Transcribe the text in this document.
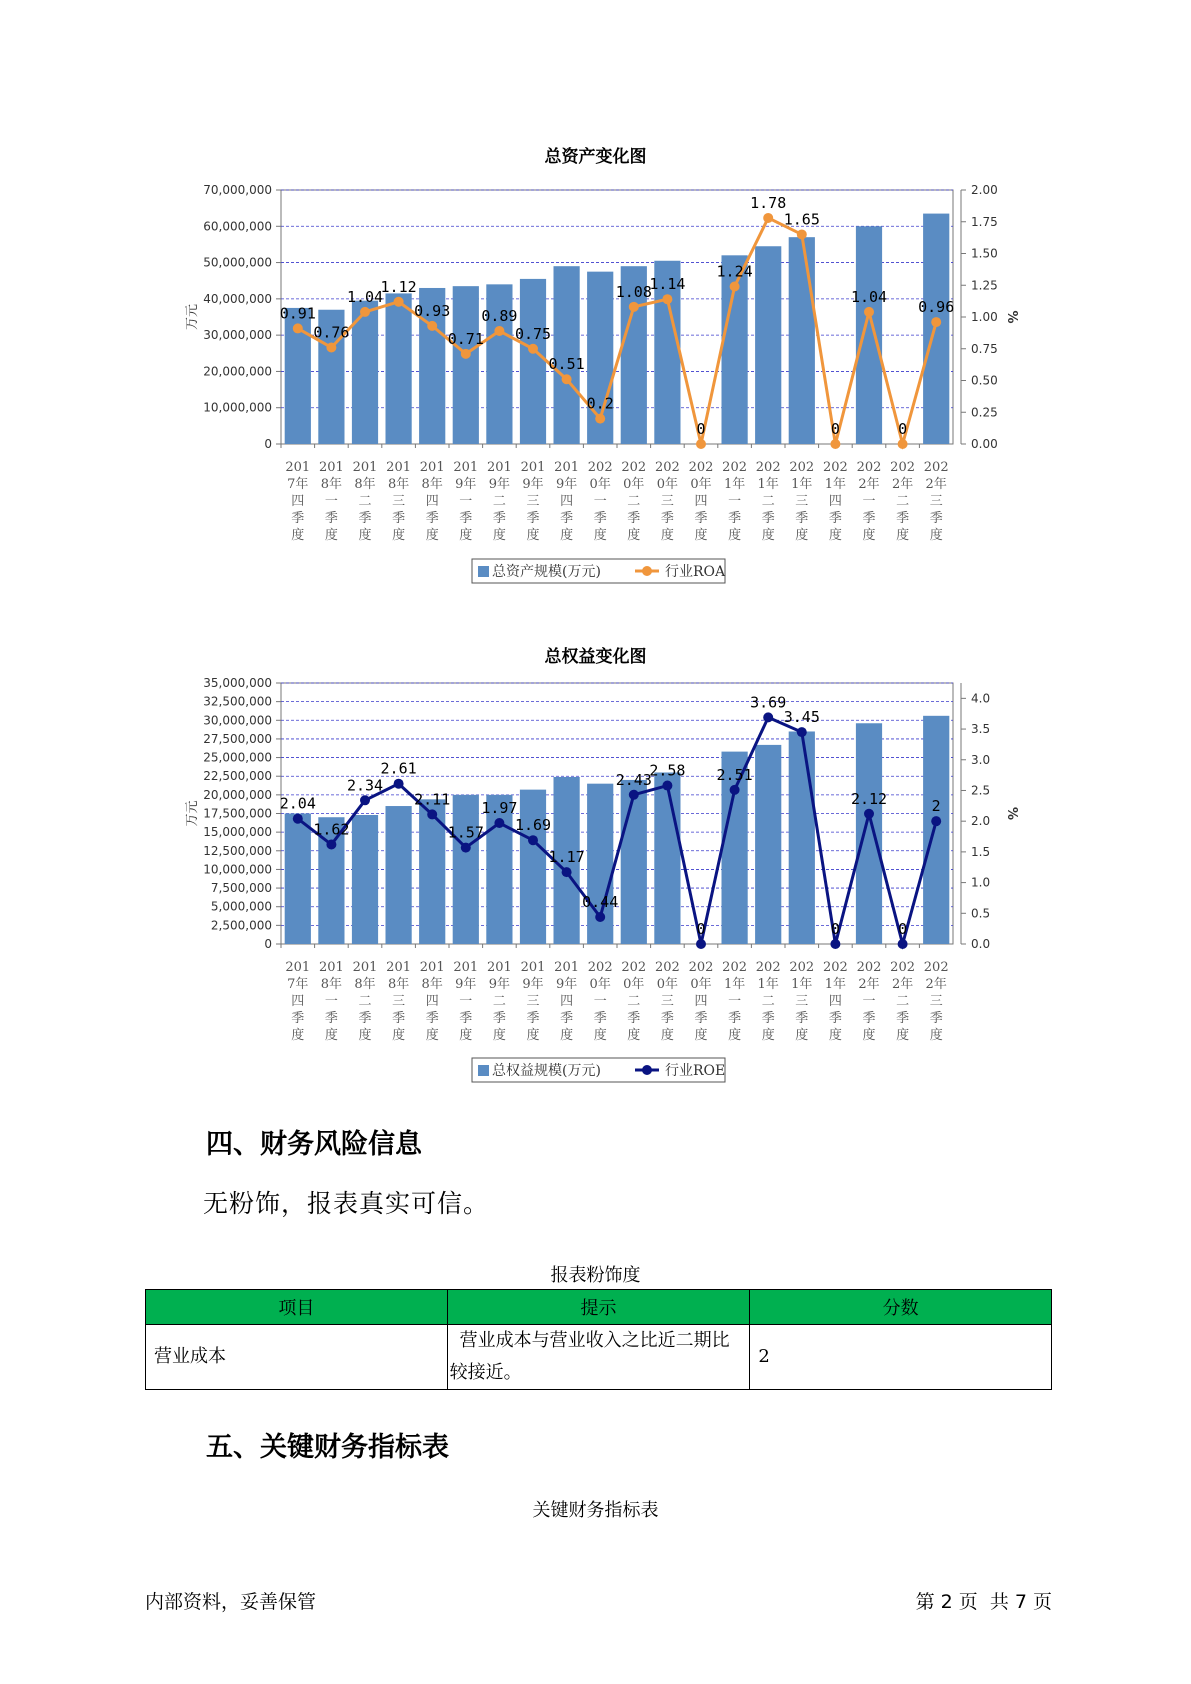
总资产变化图
0
10,000,000
20,000,000
30,000,000
40,000,000
50,000,000
60,000,000
70,000,000
0.00
0.25
0.50
0.75
1.00
1.25
1.50
1.75
2.00
万元	%
201 7年四季度
201 8年一季度
201 8年二季度
201 8年三季度
201 8年四季度
201 9年一季度
201 9年二季度
201 9年三季度
201 9年四季度
202 0年一季度
202 0年二季度
202 0年三季度
202 0年四季度
202 1年一季度
202 1年二季度
202 1年三季度
202 1年四季度
202 2年一季度
202 2年二季度
202 2年三季度
0.91
0.76
1.04
1.12
0.93
0.71
0.89
0.75
0.51
0.2
1.08
1.14
0
1.24
1.78
1.65
0
1.04
0
0.96
总资产规模(万元)	行业ROA
总权益变化图
0
2,500,000
5,000,000
7,500,000
10,000,000
12,500,000
15,000,000
17,500,000
20,000,000
22,500,000
25,000,000
27,500,000
30,000,000
32,500,000
35,000,000
0.0
0.5
1.0
1.5
2.0
2.5
3.0
3.5
4.0
万元	%
201 7年四季度
201 8年一季度
201 8年二季度
201 8年三季度
201 8年四季度
201 9年一季度
201 9年二季度
201 9年三季度
201 9年四季度
202 0年一季度
202 0年二季度
202 0年三季度
202 0年四季度
202 1年一季度
202 1年二季度
202 1年三季度
202 1年四季度
202 2年一季度
202 2年二季度
202 2年三季度
2.04
1.62
2.34
2.61
2.11
1.57
1.97
1.69
1.17
0.44
2.43
2.58
0
2.51
3.69
3.45
0
2.12
0
2
总权益规模(万元)	行业ROE
四、财务风险信息
无粉饰，报表真实可信。
报表粉饰度
项目	提示	分数
营业成本	营业成本与营业收入之比近二期比较接近。	2
五、关键财务指标表
关键财务指标表
内部资料，妥善保管	第 2 页  共 7 页
